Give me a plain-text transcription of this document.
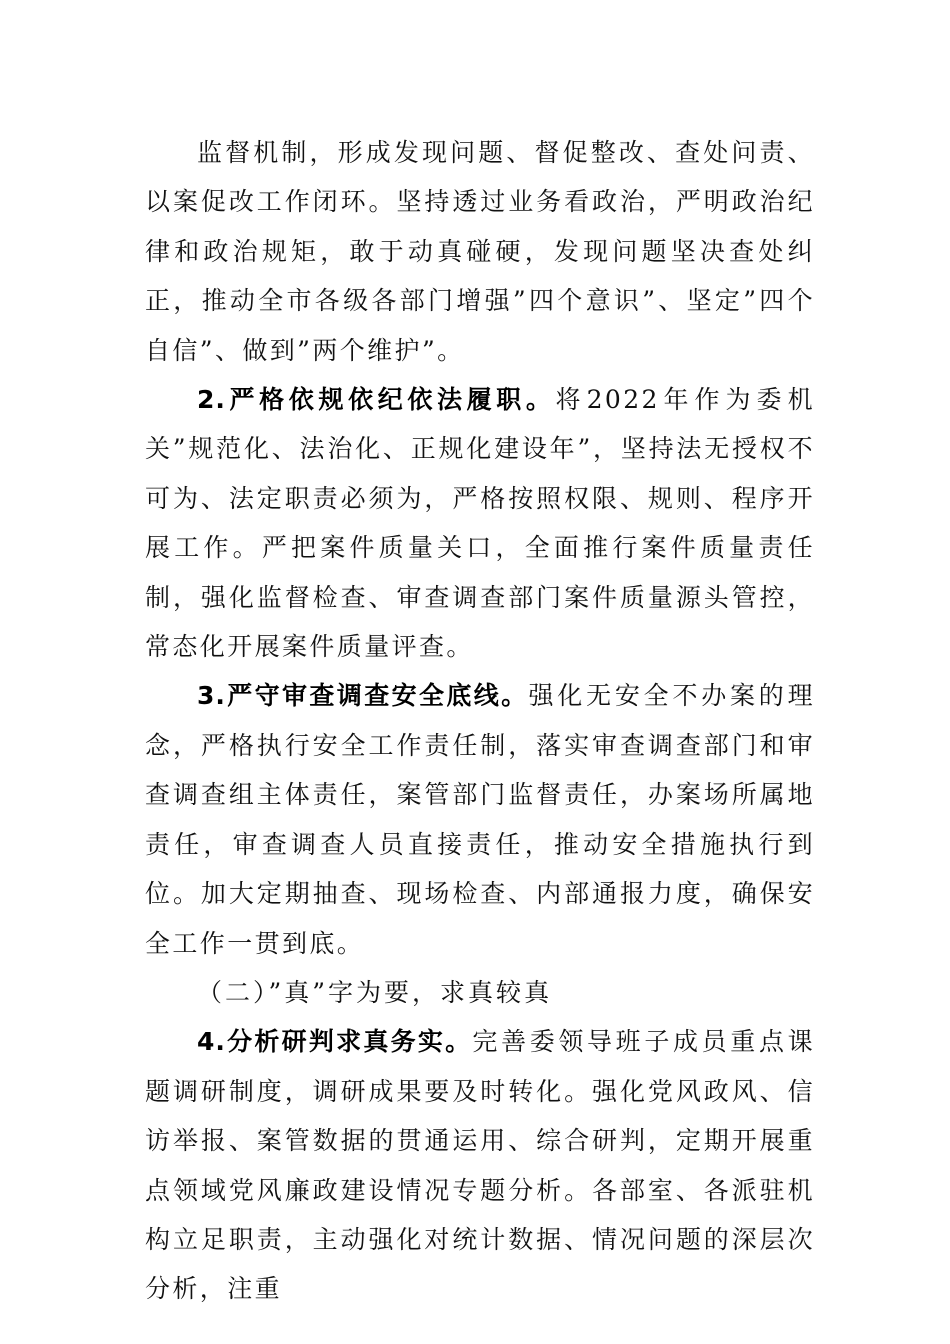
监督机制，形成发现问题、督促整改、查处问责、以案促改工作闭环。坚持透过业务看政治，严明政治纪律和政治规矩，敢于动真碰硬，发现问题坚决查处纠正，推动全市各级各部门增强”四个意识”、坚定”四个自信”、做到”两个维护”。

2.严格依规依纪依法履职。将2022年作为委机关”规范化、法治化、正规化建设年”，坚持法无授权不可为、法定职责必须为，严格按照权限、规则、程序开展工作。严把案件质量关口，全面推行案件质量责任制，强化监督检查、审查调查部门案件质量源头管控，常态化开展案件质量评查。

3.严守审查调查安全底线。强化无安全不办案的理念，严格执行安全工作责任制，落实审查调查部门和审查调查组主体责任，案管部门监督责任，办案场所属地责任，审查调查人员直接责任，推动安全措施执行到位。加大定期抽查、现场检查、内部通报力度，确保安全工作一贯到底。

（二）”真”字为要，求真较真

4.分析研判求真务实。完善委领导班子成员重点课题调研制度，调研成果要及时转化。强化党风政风、信访举报、案管数据的贯通运用、综合研判，定期开展重点领域党风廉政建设情况专题分析。各部室、各派驻机构立足职责，主动强化对统计数据、情况问题的深层次分析，注重
